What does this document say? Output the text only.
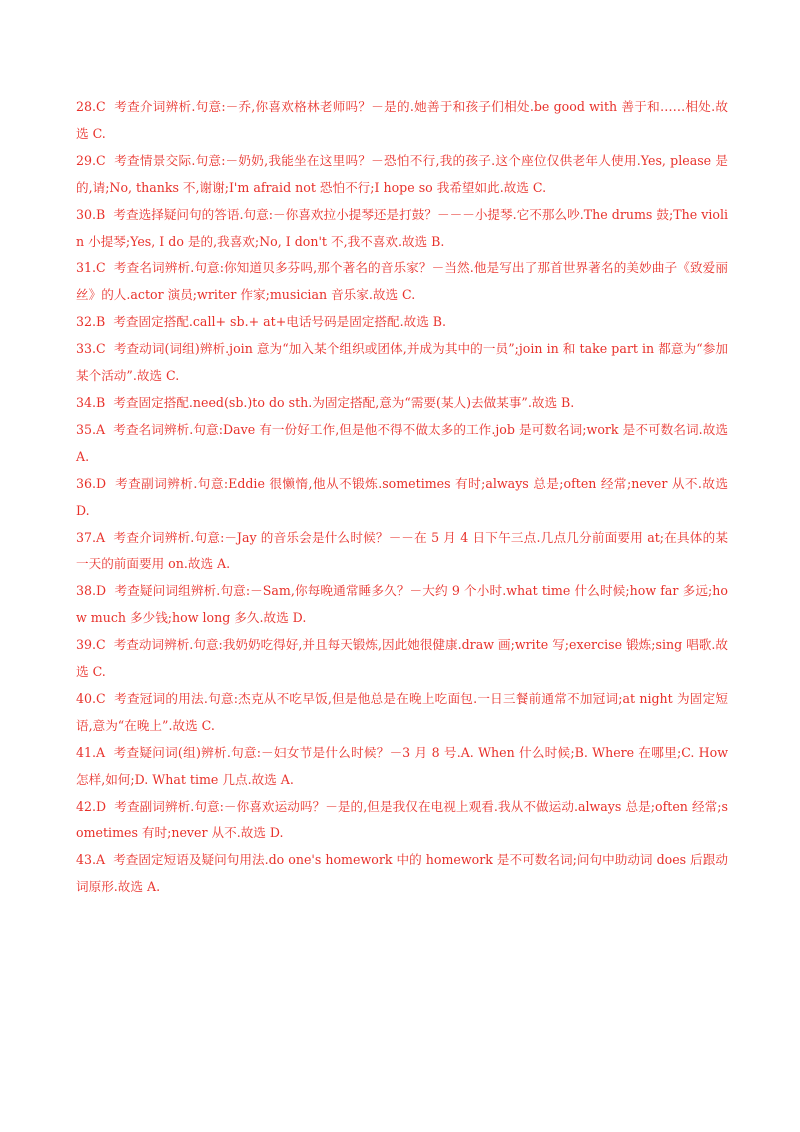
28.C 考查介词辨析.句意:－乔,你喜欢格林老师吗？－是的.她善于和孩子们相处.be good with 善于和……相处.故选 C.

29.C 考查情景交际.句意:－奶奶,我能坐在这里吗？－恐怕不行,我的孩子.这个座位仅供老年人使用.Yes, please 是的,请;No, thanks 不,谢谢;I'm afraid not 恐怕不行;I hope so 我希望如此.故选 C.

30.B 考查选择疑问句的答语.句意:－你喜欢拉小提琴还是打鼓？－－－小提琴.它不那么吵.The drums 鼓;The violin 小提琴;Yes, I do 是的,我喜欢;No, I don't 不,我不喜欢.故选 B.

31.C 考查名词辨析.句意:你知道贝多芬吗,那个著名的音乐家？－当然.他是写出了那首世界著名的美妙曲子《致爱丽丝》的人.actor 演员;writer 作家;musician 音乐家.故选 C.

32.B 考查固定搭配.call+ sb.+ at+电话号码是固定搭配.故选 B.

33.C 考查动词(词组)辨析.join 意为“加入某个组织或团体,并成为其中的一员”;join in 和 take part in 都意为“参加某个活动”.故选 C.

34.B 考查固定搭配.need(sb.)to do sth.为固定搭配,意为“需要(某人)去做某事”.故选 B.

35.A 考查名词辨析.句意:Dave 有一份好工作,但是他不得不做太多的工作.job 是可数名词;work 是不可数名词.故选 A.

36.D 考查副词辨析.句意:Eddie 很懒惰,他从不锻炼.sometimes 有时;always 总是;often 经常;never 从不.故选 D.

37.A 考查介词辨析.句意:－Jay 的音乐会是什么时候？－－在 5 月 4 日下午三点.几点几分前面要用 at;在具体的某一天的前面要用 on.故选 A.

38.D 考查疑问词组辨析.句意:－Sam,你每晚通常睡多久？－大约 9 个小时.what time 什么时候;how far 多远;how much 多少钱;how long 多久.故选 D.

39.C 考查动词辨析.句意:我奶奶吃得好,并且每天锻炼,因此她很健康.draw 画;write 写;exercise 锻炼;sing 唱歌.故选 C.

40.C 考查冠词的用法.句意:杰克从不吃早饭,但是他总是在晚上吃面包.一日三餐前通常不加冠词;at night 为固定短语,意为“在晚上”.故选 C.

41.A 考查疑问词(组)辨析.句意:－妇女节是什么时候？－3 月 8 号.A. When 什么时候;B. Where 在哪里;C. How 怎样,如何;D. What time 几点.故选 A.

42.D 考查副词辨析.句意:－你喜欢运动吗？－是的,但是我仅在电视上观看.我从不做运动.always 总是;often 经常;sometimes 有时;never 从不.故选 D.

43.A 考查固定短语及疑问句用法.do one's homework 中的 homework 是不可数名词;问句中助动词 does 后跟动词原形.故选 A.
